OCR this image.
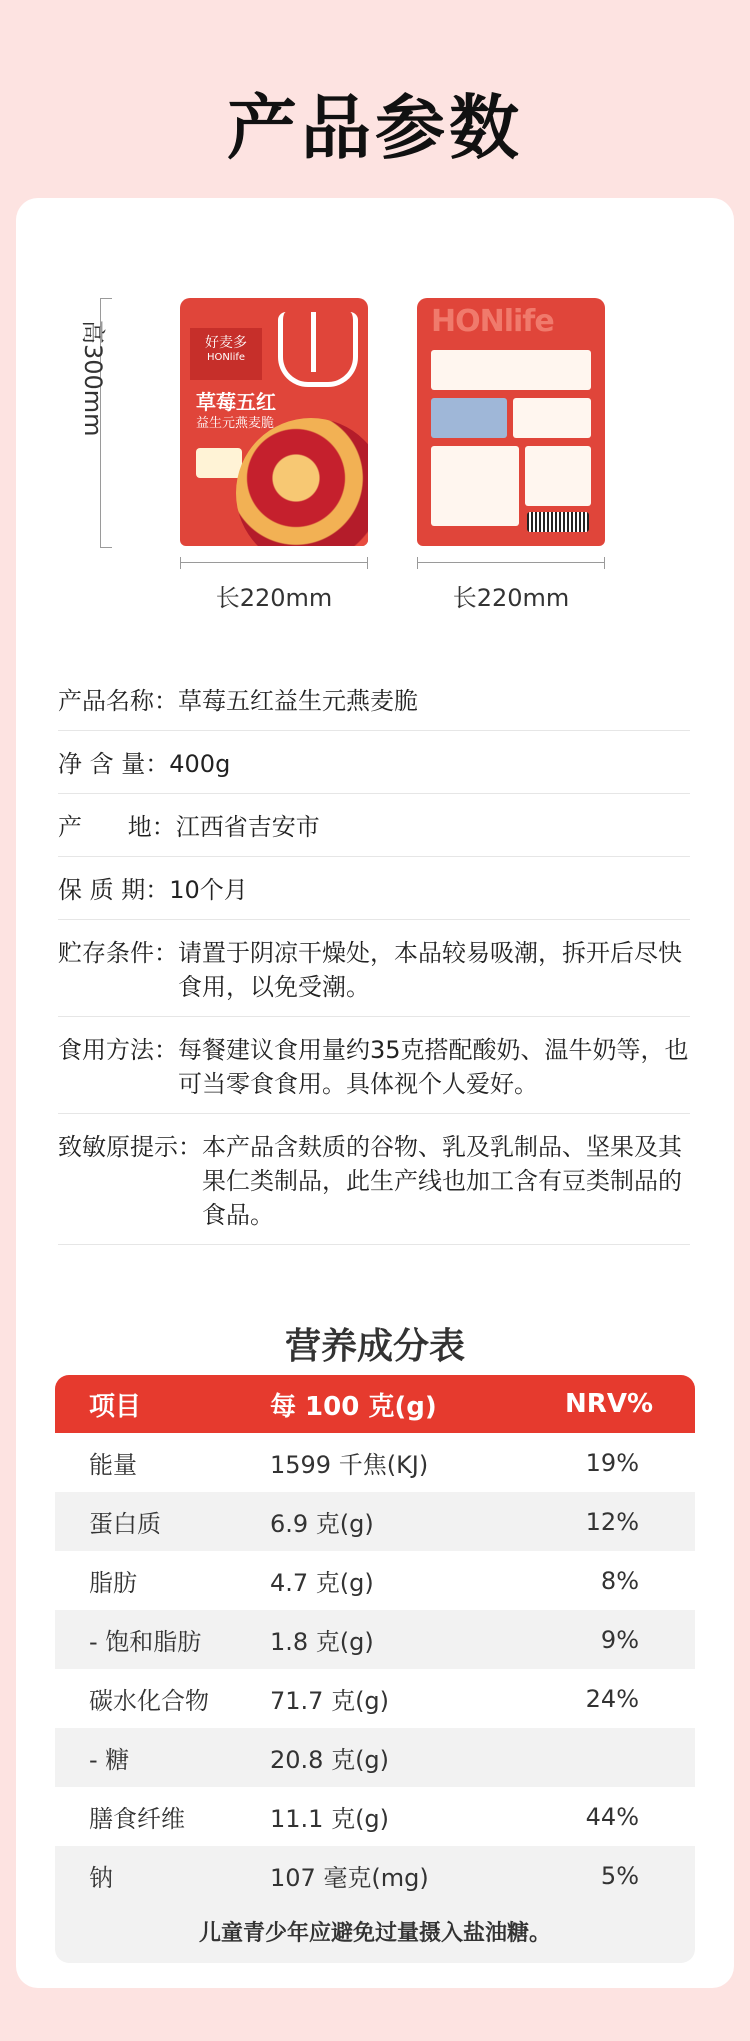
产品参数
高300mm	好麦多
HONlife
草莓五红
益生元燕麦脆
HONlife
长220mm	长220mm
产品名称： 草莓五红益生元燕麦脆
净 含 量： 400g
产      地： 江西省吉安市
保 质 期： 10个月
贮存条件： 请置于阴凉干燥处，本品较易吸潮，拆开后尽快食用，以免受潮。
食用方法： 每餐建议食用量约35克搭配酸奶、温牛奶等，也可当零食食用。具体视个人爱好。
致敏原提示： 本产品含麸质的谷物、乳及乳制品、坚果及其果仁类制品，此生产线也加工含有豆类制品的食品。
营养成分表
项目	每 100 克(g)	NRV%
能量	1599 千焦(KJ)	19%
蛋白质	6.9 克(g)	12%
脂肪	4.7 克(g)	8%
- 饱和脂肪	1.8 克(g)	9%
碳水化合物	71.7 克(g)	24%
- 糖	20.8 克(g)
膳食纤维	11.1 克(g)	44%
钠	107 毫克(mg)	5%
儿童青少年应避免过量摄入盐油糖。
